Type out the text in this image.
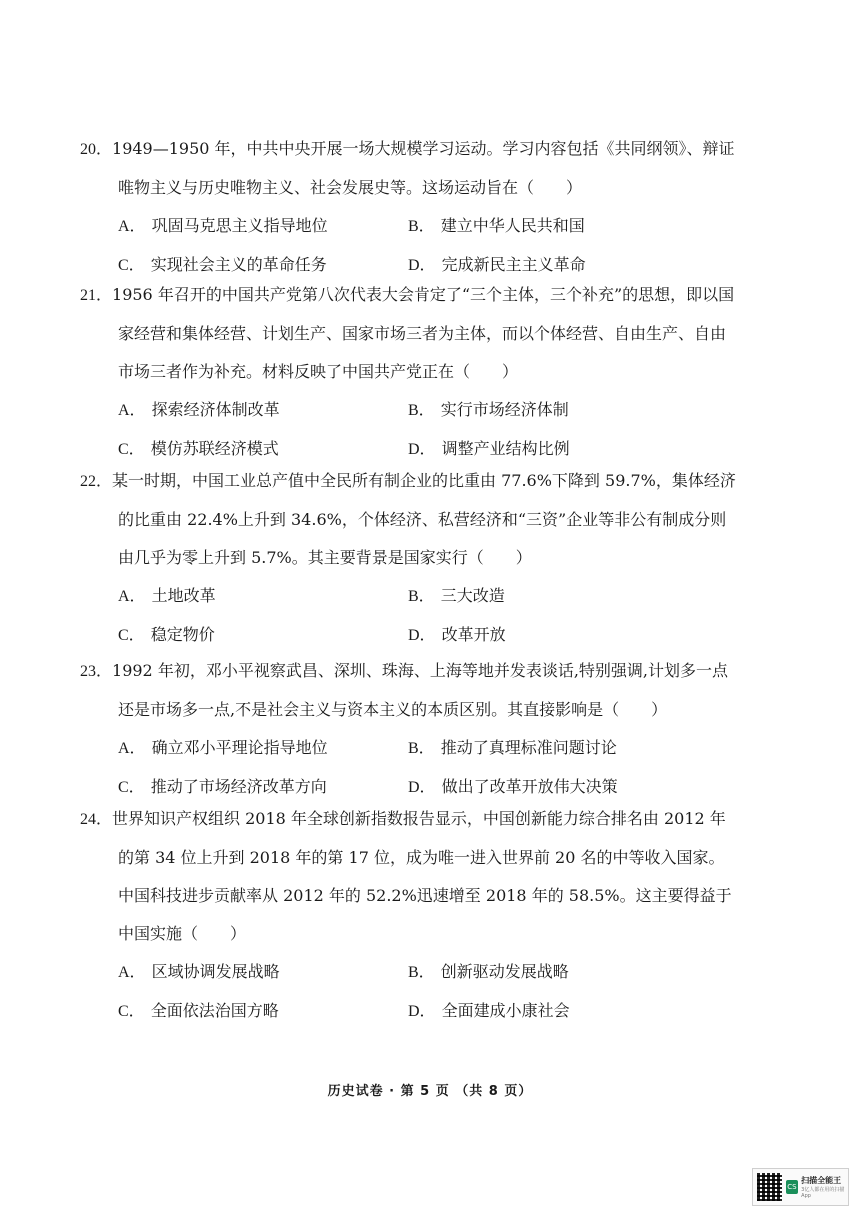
20．1949—1950 年，中共中央开展一场大规模学习运动。学习内容包括《共同纲领》、辩证唯物主义与历史唯物主义、社会发展史等。这场运动旨在（　　）
A． 巩固马克思主义指导地位	B． 建立中华人民共和国
C． 实现社会主义的革命任务	D． 完成新民主主义革命
21．1956 年召开的中国共产党第八次代表大会肯定了“三个主体，三个补充”的思想，即以国家经营和集体经营、计划生产、国家市场三者为主体，而以个体经营、自由生产、自由市场三者作为补充。材料反映了中国共产党正在（　　）
A． 探索经济体制改革	B． 实行市场经济体制
C． 模仿苏联经济模式	D． 调整产业结构比例
22．某一时期，中国工业总产值中全民所有制企业的比重由 77.6%下降到 59.7%，集体经济的比重由 22.4%上升到 34.6%，个体经济、私营经济和“三资”企业等非公有制成分则由几乎为零上升到 5.7%。其主要背景是国家实行（　　）
A． 土地改革	B． 三大改造
C． 稳定物价	D． 改革开放
23．1992 年初，邓小平视察武昌、深圳、珠海、上海等地并发表谈话,特别强调,计划多一点还是市场多一点,不是社会主义与资本主义的本质区别。其直接影响是（　　）
A． 确立邓小平理论指导地位	B． 推动了真理标准问题讨论
C． 推动了市场经济改革方向	D． 做出了改革开放伟大决策
24．世界知识产权组织 2018 年全球创新指数报告显示，中国创新能力综合排名由 2012 年的第 34 位上升到 2018 年的第 17 位，成为唯一进入世界前 20 名的中等收入国家。中国科技进步贡献率从 2012 年的 52.2%迅速增至 2018 年的 58.5%。这主要得益于中国实施（　　）
A． 区域协调发展战略	B． 创新驱动发展战略
C． 全面依法治国方略	D． 全面建成小康社会
历史试卷 · 第 5 页 （共 8 页）
CS
扫描全能王
3亿人都在用的扫描App
